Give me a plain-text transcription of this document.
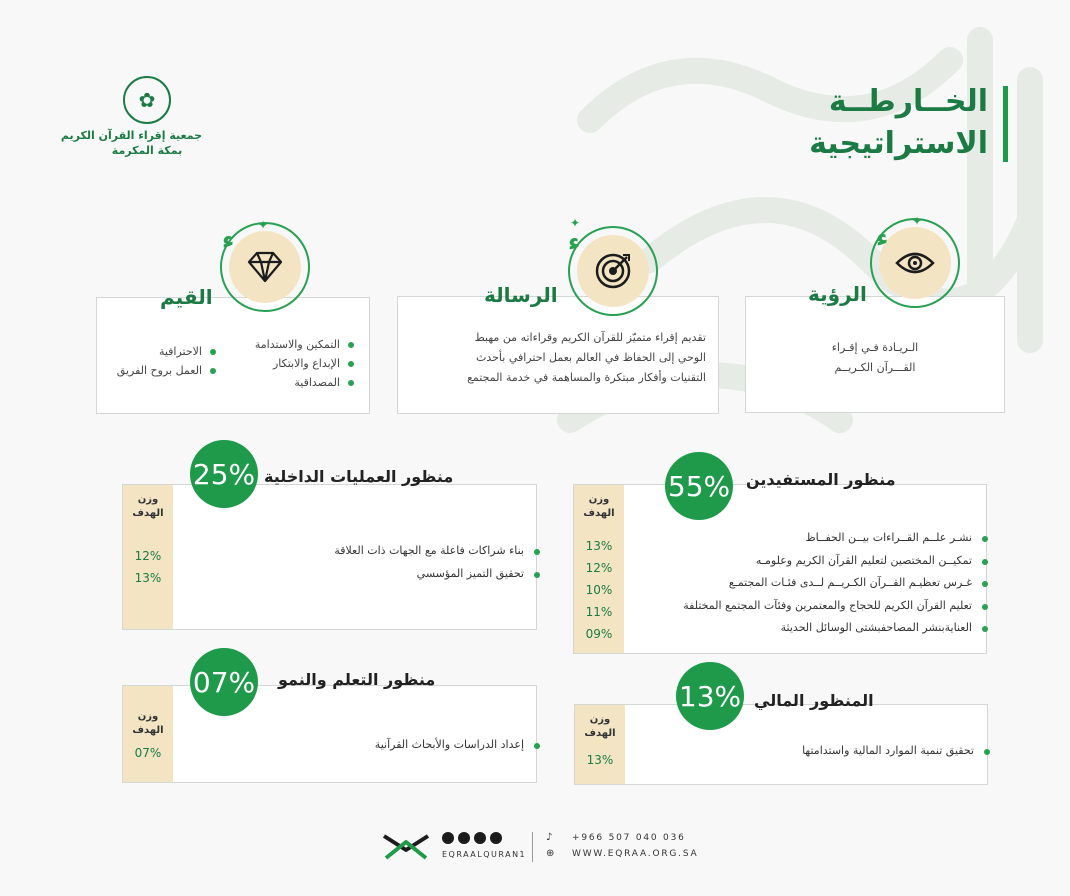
✿
جمعية إقراء القرآن الكريم
بمكة المكرمة
الخــارطــة
الاستراتيجية
ء
✦
الرؤية
الـريـادة فـي إقـراء
القـــرآن الكـريــم
ء
✦
الرسالة
تقديم إقراء متميّز للقرآن الكريم وقراءاته من مهبط
الوحي إلى الحفاظ في العالم بعمل احترافي بأحدث
التقنيات وأفكار مبتكرة والمساهمة في خدمة المجتمع
ء
✦
القيم
التمكين والاستدامة
الإبداع والابتكار
المصداقية
الاحترافية
العمل بروح الفريق
وزن
الهدف
13%
12%
10%
11%
09%
55% منظور المستفيدين
نشـر علــم القــراءات بيــن الحفــاظ
تمكيــن المختصين لتعليم القرآن الكريم وعلومـه
غـرس تعظيـم القــرآن الكـريــم لــدى فئـات المجتمـع
تعليم القرآن الكريم للحجاج والمعتمرين وفئآت المجتمع المختلفة
العنايةبنشر المصاحفبشتى الوسائل الحديثة
وزن
الهدف
12%
13%
25% منظور العمليات الداخلية
بناء شراكات فاعلة مع الجهات ذات العلاقة
تحقيق التميز المؤسسي
وزن
الهدف
13%
13% المنظور المالي
تحقيق تنمية الموارد المالية واستدامتها
وزن
الهدف
07%
07% منظور التعلم والنمو
إعداد الدراسات والأبحاث القرآنية
EQRAALQURAN1
♪ +966 507 040 036
⊕ WWW.EQRAA.ORG.SA
